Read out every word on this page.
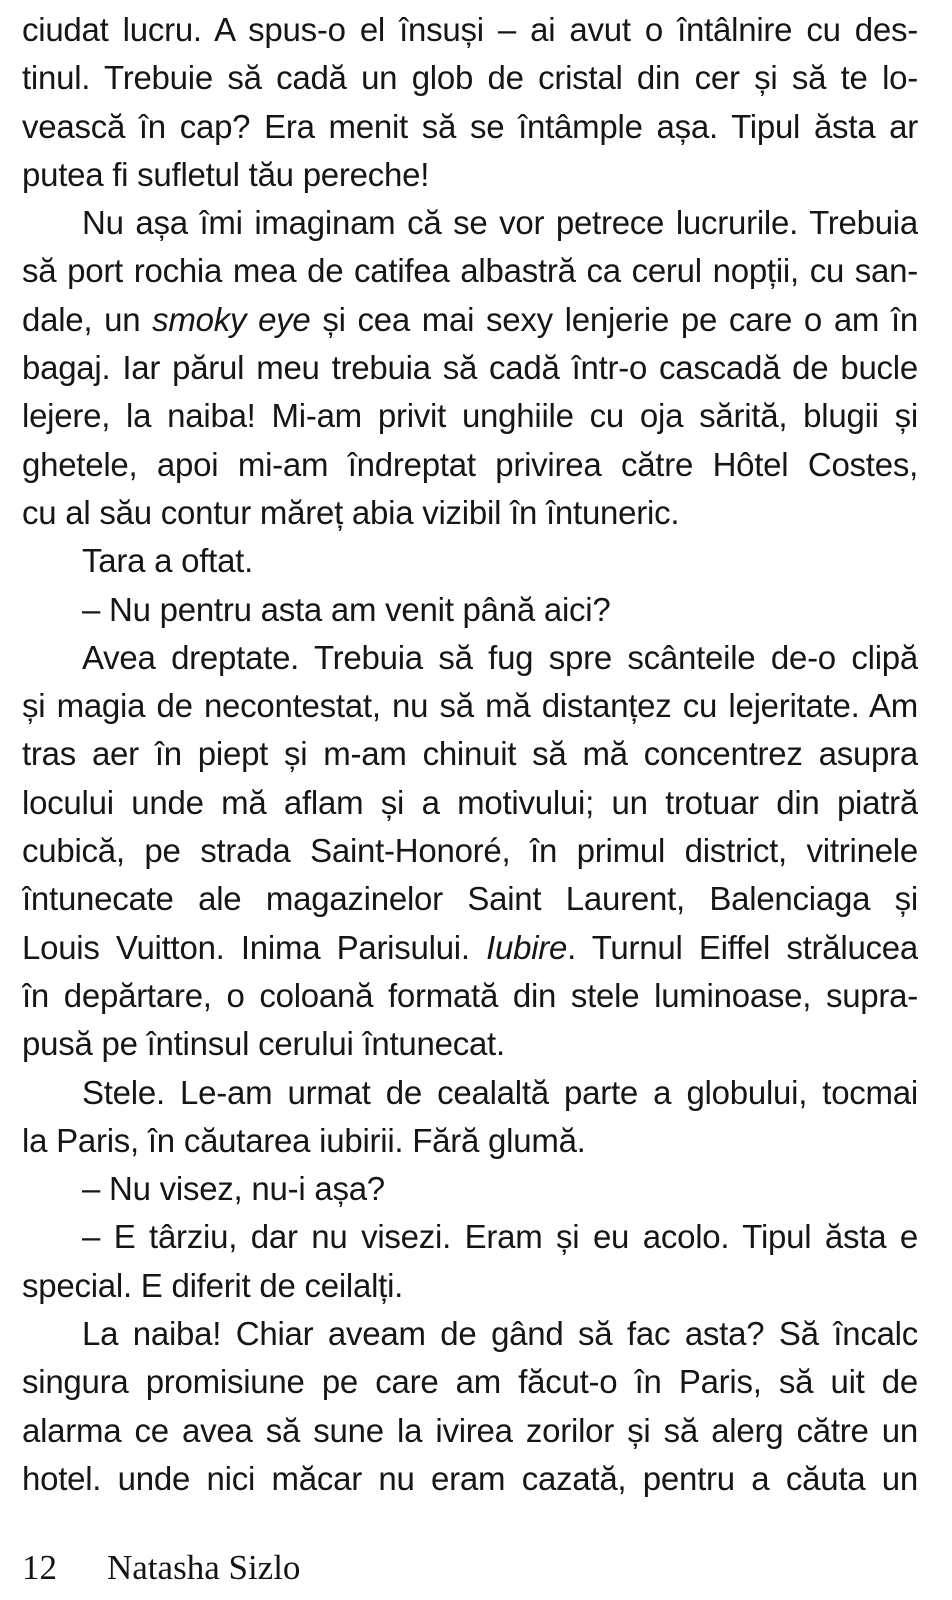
ciudat lucru. A spus-o el însuși – ai avut o întâlnire cu des-
tinul. Trebuie să cadă un glob de cristal din cer și să te lo-
vească în cap? Era menit să se întâmple așa. Tipul ăsta ar
putea fi sufletul tău pereche!
Nu așa îmi imaginam că se vor petrece lucrurile. Trebuia
să port rochia mea de catifea albastră ca cerul nopții, cu san-
dale, un smoky eye și cea mai sexy lenjerie pe care o am în
bagaj. Iar părul meu trebuia să cadă într-o cascadă de bucle
lejere, la naiba! Mi-am privit unghiile cu oja sărită, blugii și
ghetele, apoi mi-am îndreptat privirea către Hôtel Costes,
cu al său contur măreț abia vizibil în întuneric.
Tara a oftat.
– Nu pentru asta am venit până aici?
Avea dreptate. Trebuia să fug spre scânteile de-o clipă
și magia de necontestat, nu să mă distanțez cu lejeritate. Am
tras aer în piept și m-am chinuit să mă concentrez asupra
locului unde mă aflam și a motivului; un trotuar din piatră
cubică, pe strada Saint-Honoré, în primul district, vitrinele
întunecate ale magazinelor Saint Laurent, Balenciaga și
Louis Vuitton. Inima Parisului. Iubire. Turnul Eiffel strălucea
în depărtare, o coloană formată din stele luminoase, supra-
pusă pe întinsul cerului întunecat.
Stele. Le-am urmat de cealaltă parte a globului, tocmai
la Paris, în căutarea iubirii. Fără glumă.
– Nu visez, nu-i așa?
– E târziu, dar nu visezi. Eram și eu acolo. Tipul ăsta e
special. E diferit de ceilalți.
La naiba! Chiar aveam de gând să fac asta? Să încalc
singura promisiune pe care am făcut-o în Paris, să uit de
alarma ce avea să sune la ivirea zorilor și să alerg către un
hotel. unde nici măcar nu eram cazată, pentru a căuta un
12 Natasha Sizlo
